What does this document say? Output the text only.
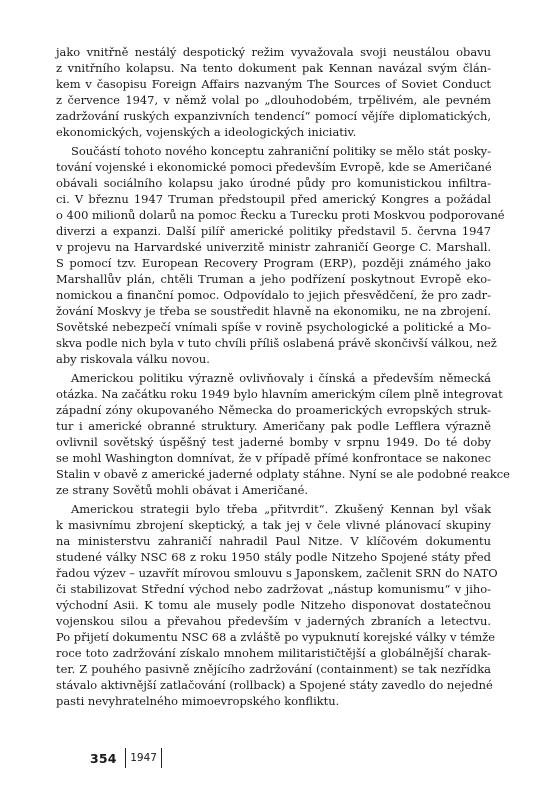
jako vnitřně nestálý despotický režim vyvažovala svoji neustálou obavu
z vnitřního kolapsu. Na tento dokument pak Kennan navázal svým člán-
kem v časopisu Foreign Affairs nazvaným The Sources of Soviet Conduct
z července 1947, v němž volal po „dlouhodobém, trpělivém, ale pevném
zadržování ruských expanzivních tendencí“ pomocí vějíře diplomatických,
ekonomických, vojenských a ideologických iniciativ.

Součástí tohoto nového konceptu zahraniční politiky se mělo stát posky-
tování vojenské i ekonomické pomoci především Evropě, kde se Američané
obávali sociálního kolapsu jako úrodné půdy pro komunistickou infiltra-
ci. V březnu 1947 Truman předstoupil před americký Kongres a požádal
o 400 milionů dolarů na pomoc Řecku a Turecku proti Moskvou podporované
diverzi a expanzi. Další pilíř americké politiky představil 5. června 1947
v projevu na Harvardské univerzitě ministr zahraničí George C. Marshall.
S pomocí tzv. European Recovery Program (ERP), později známého jako
Marshallův plán, chtěli Truman a jeho podřízení poskytnout Evropě eko-
nomickou a finanční pomoc. Odpovídalo to jejich přesvědčení, že pro zadr-
žování Moskvy je třeba se soustředit hlavně na ekonomiku, ne na zbrojení.
Sovětské nebezpečí vnímali spíše v rovině psychologické a politické a Mo-
skva podle nich byla v tuto chvíli příliš oslabená právě skončivší válkou, než
aby riskovala válku novou.

Americkou politiku výrazně ovlivňovaly i čínská a především německá
otázka. Na začátku roku 1949 bylo hlavním americkým cílem plně integrovat
západní zóny okupovaného Německa do proamerických evropských struk-
tur i americké obranné struktury. Američany pak podle Lefflera výrazně
ovlivnil sovětský úspěšný test jaderné bomby v srpnu 1949. Do té doby
se mohl Washington domnívat, že v případě přímé konfrontace se nakonec
Stalin v obavě z americké jaderné odplaty stáhne. Nyní se ale podobné reakce
ze strany Sovětů mohli obávat i Američané.

Americkou strategii bylo třeba „přitvrdit“. Zkušený Kennan byl však
k masivnímu zbrojení skeptický, a tak jej v čele vlivné plánovací skupiny
na ministerstvu zahraničí nahradil Paul Nitze. V klíčovém dokumentu
studené války NSC 68 z roku 1950 stály podle Nitzeho Spojené státy před
řadou výzev – uzavřít mírovou smlouvu s Japonskem, začlenit SRN do NATO
či stabilizovat Střední východ nebo zadržovat „nástup komunismu“ v jiho-
východní Asii. K tomu ale musely podle Nitzeho disponovat dostatečnou
vojenskou silou a převahou především v jaderných zbraních a letectvu.
Po přijetí dokumentu NSC 68 a zvláště po vypuknutí korejské války v témže
roce toto zadržování získalo mnohem militarističtější a globálnější charak-
ter. Z pouhého pasivně znějícího zadržování (containment) se tak nezřídka
stávalo aktivnější zatlačování (rollback) a Spojené státy zavedlo do nejedné
pasti nevyhratelného mimoevropského konfliktu.

354 1947
